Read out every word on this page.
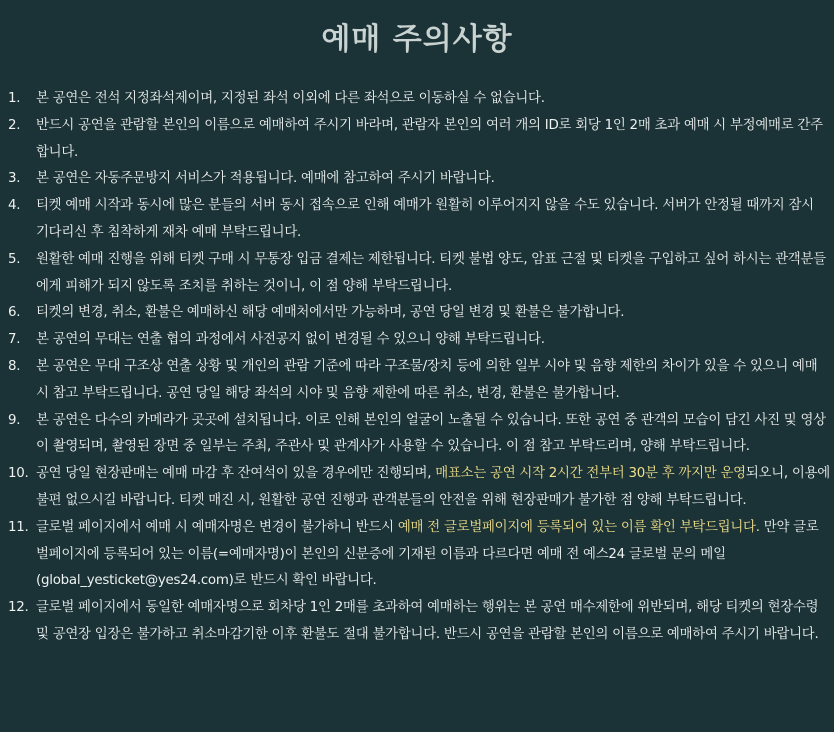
예매 주의사항
1.	본 공연은 전석 지정좌석제이며, 지정된 좌석 이외에 다른 좌석으로 이동하실 수 없습니다.
2.	반드시 공연을 관람할 본인의 이름으로 예매하여 주시기 바라며, 관람자 본인의 여러 개의 ID로 회당 1인 2매 초과 예매 시 부정예매로 간주합니다.
3.	본 공연은 자동주문방지 서비스가 적용됩니다. 예매에 참고하여 주시기 바랍니다.
4.	티켓 예매 시작과 동시에 많은 분들의 서버 동시 접속으로 인해 예매가 원활히 이루어지지 않을 수도 있습니다. 서버가 안정될 때까지 잠시 기다리신 후 침착하게 재차 예매 부탁드립니다.
5.	원활한 예매 진행을 위해 티켓 구매 시 무통장 입금 결제는 제한됩니다. 티켓 불법 양도, 암표 근절 및 티켓을 구입하고 싶어 하시는 관객분들에게 피해가 되지 않도록 조치를 취하는 것이니, 이 점 양해 부탁드립니다.
6.	티켓의 변경, 취소, 환불은 예매하신 해당 예매처에서만 가능하며, 공연 당일 변경 및 환불은 불가합니다.
7.	본 공연의 무대는 연출 협의 과정에서 사전공지 없이 변경될 수 있으니 양해 부탁드립니다.
8.	본 공연은 무대 구조상 연출 상황 및 개인의 관람 기준에 따라 구조물/장치 등에 의한 일부 시야 및 음향 제한의 차이가 있을 수 있으니 예매 시 참고 부탁드립니다. 공연 당일 해당 좌석의 시야 및 음향 제한에 따른 취소, 변경, 환불은 불가합니다.
9.	본 공연은 다수의 카메라가 곳곳에 설치됩니다. 이로 인해 본인의 얼굴이 노출될 수 있습니다. 또한 공연 중 관객의 모습이 담긴 사진 및 영상이 촬영되며, 촬영된 장면 중 일부는 주최, 주관사 및 관계사가 사용할 수 있습니다. 이 점 참고 부탁드리며, 양해 부탁드립니다.
10. 공연 당일 현장판매는 예매 마감 후 잔여석이 있을 경우에만 진행되며, 매표소는 공연 시작 2시간 전부터 30분 후 까지만 운영되오니, 이용에 불편 없으시길 바랍니다. 티켓 매진 시, 원활한 공연 진행과 관객분들의 안전을 위해 현장판매가 불가한 점 양해 부탁드립니다.
11. 글로벌 페이지에서 예매 시 예매자명은 변경이 불가하니 반드시 예매 전 글로벌페이지에 등록되어 있는 이름 확인 부탁드립니다. 만약 글로벌페이지에 등록되어 있는 이름(=예매자명)이 본인의 신분증에 기재된 이름과 다르다면 예매 전 예스24 글로벌 문의 메일(global_yesticket@yes24.com)로 반드시 확인 바랍니다.
12. 글로벌 페이지에서 동일한 예매자명으로 회차당 1인 2매를 초과하여 예매하는 행위는 본 공연 매수제한에 위반되며, 해당 티켓의 현장수령 및 공연장 입장은 불가하고 취소마감기한 이후 환불도 절대 불가합니다. 반드시 공연을 관람할 본인의 이름으로 예매하여 주시기 바랍니다.
